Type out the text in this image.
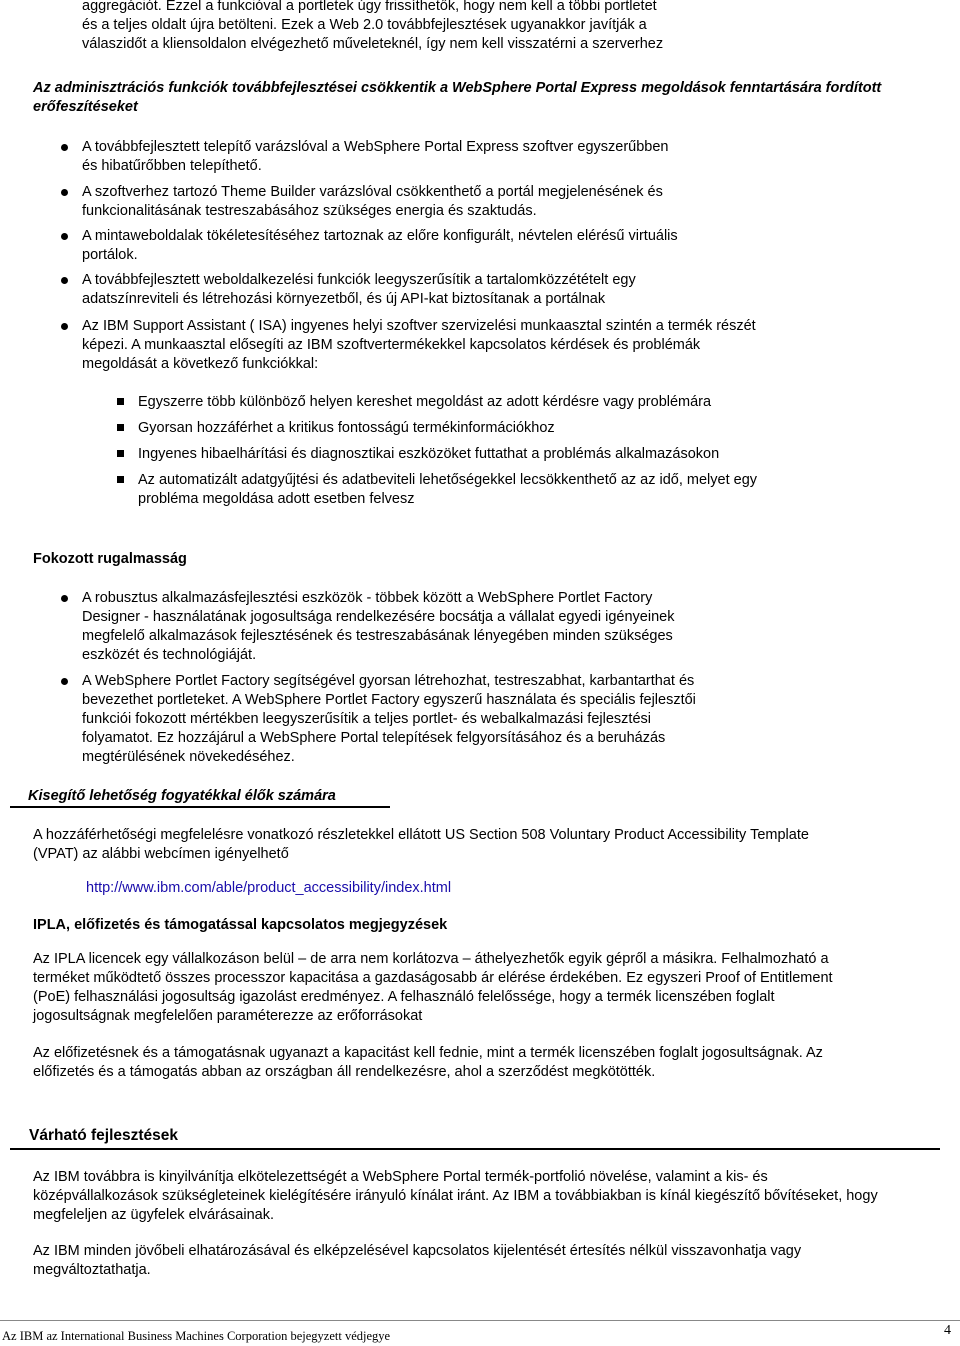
aggregációt. Ezzel a funkcióval a portletek úgy frissíthetők, hogy nem kell a többi portletet
és a teljes oldalt újra betölteni. Ezek a Web 2.0 továbbfejlesztések ugyanakkor javítják a
válaszidőt a kliensoldalon elvégezhető műveleteknél, így nem kell visszatérni a szerverhez
Az adminisztrációs funkciók továbbfejlesztései csökkentik a WebSphere Portal Express megoldások fenntartására fordított erőfeszítéseket
A továbbfejlesztett telepítő varázslóval a WebSphere Portal Express szoftver egyszerűbben és hibatűrőbben telepíthető.
A szoftverhez tartozó Theme Builder varázslóval csökkenthető a portál megjelenésének és funkcionalitásának testreszabásához szükséges energia és szaktudás.
A mintaweboldalak tökéletesítéséhez tartoznak az előre konfigurált, névtelen elérésű virtuális portálok.
A továbbfejlesztett weboldalkezelési funkciók leegyszerűsítik a tartalomközzétételt egy adatszínreviteli és létrehozási környezetből, és új API-kat biztosítanak a portálnak
Az IBM Support Assistant ( ISA) ingyenes helyi szoftver szervizelési munkaasztal szintén a termék részét képezi. A munkaasztal elősegíti az IBM szoftvertermékekkel kapcsolatos kérdések és problémák megoldását a következő funkciókkal:
Egyszerre több különböző helyen kereshet megoldást az adott kérdésre vagy problémára
Gyorsan hozzáférhet a kritikus fontosságú termékinformációkhoz
Ingyenes hibaelhárítási és diagnosztikai eszközöket futtathat a problémás alkalmazásokon
Az automatizált adatgyűjtési és adatbeviteli lehetőségekkel lecsökkenthető az az idő, melyet egy probléma megoldása adott esetben felvesz
Fokozott rugalmasság
A robusztus alkalmazásfejlesztési eszközök - többek között a WebSphere Portlet Factory Designer - használatának jogosultsága rendelkezésére bocsátja a vállalat egyedi igényeinek megfelelő alkalmazások fejlesztésének és testreszabásának lényegében minden szükséges eszközét és technológiáját.
A WebSphere Portlet Factory segítségével gyorsan létrehozhat, testreszabhat, karbantarthat és bevezethet portleteket. A WebSphere Portlet Factory egyszerű használata és speciális fejlesztői funkciói fokozott mértékben leegyszerűsítik a teljes portlet- és webalkalmazási fejlesztési folyamatot. Ez hozzájárul a WebSphere Portal telepítések felgyorsításához és a beruházás megtérülésének növekedéséhez.
Kisegítő lehetőség fogyatékkal élők számára
A hozzáférhetőségi megfelelésre vonatkozó részletekkel ellátott US Section 508 Voluntary Product Accessibility Template (VPAT) az alábbi webcímen igényelhető
http://www.ibm.com/able/product_accessibility/index.html
IPLA, előfizetés és támogatással kapcsolatos megjegyzések
Az IPLA licencek egy vállalkozáson belül – de arra nem korlátozva – áthelyezhetők egyik gépről a másikra. Felhalmozható a terméket működtető összes processzor kapacitása a gazdaságosabb ár elérése érdekében. Ez egyszeri Proof of Entitlement (PoE) felhasználási jogosultság igazolást eredményez. A felhasználó felelőssége, hogy a termék licenszében foglalt jogosultságnak megfelelően paraméterezze az erőforrásokat
Az előfizetésnek és a támogatásnak ugyanazt a kapacitást kell fednie, mint a termék licenszében foglalt jogosultságnak. Az előfizetés és a támogatás abban az országban áll rendelkezésre, ahol a szerződést megkötötték.
Várható fejlesztések
Az IBM továbbra is kinyilvánítja elkötelezettségét a WebSphere Portal termék-portfolió növelése, valamint a kis- és középvállalkozások szükségleteinek kielégítésére irányuló kínálat iránt. Az IBM a továbbiakban is kínál kiegészítő bővítéseket, hogy megfeleljen az ügyfelek elvárásainak.
Az IBM minden jövőbeli elhatározásával és elképzelésével kapcsolatos kijelentését értesítés nélkül visszavonhatja vagy megváltoztathatja.
Az IBM az International Business Machines Corporation bejegyzett védjegye	4
